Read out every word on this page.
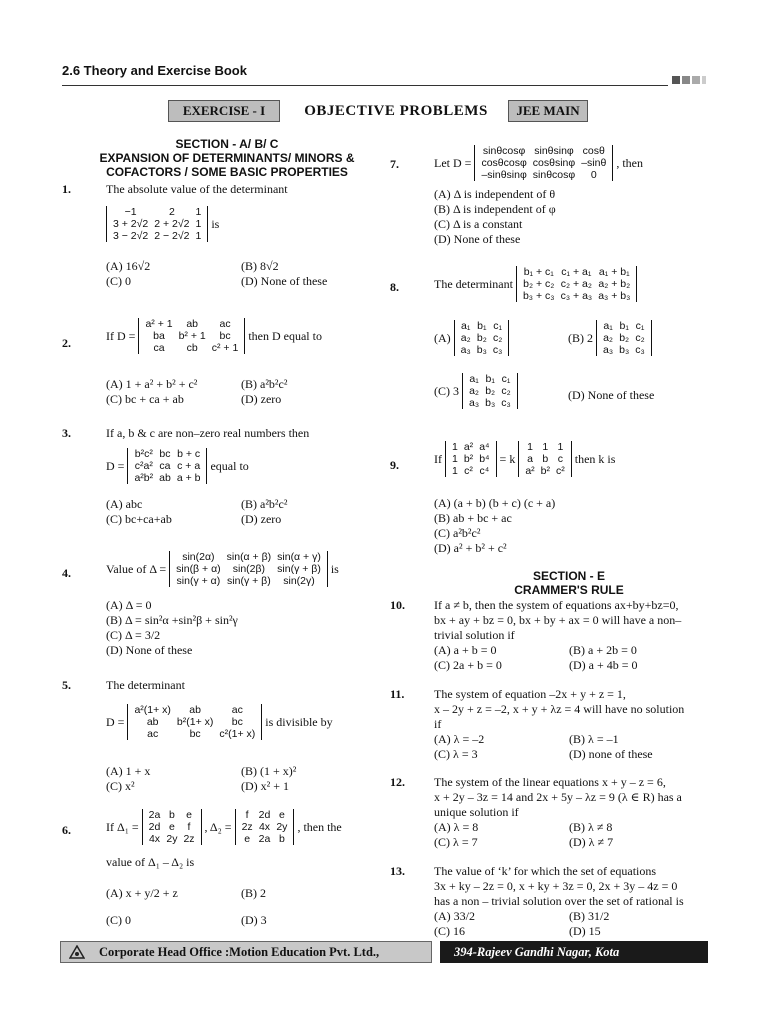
2.6 Theory and Exercise Book
EXERCISE - I	OBJECTIVE PROBLEMS	JEE MAIN
SECTION - A/ B/ C
EXPANSION OF DETERMINANTS/ MINORS &
COFACTORS / SOME BASIC PROPERTIES
1.	The absolute value of the determinant
−1	2	1
3 + 2√2	2 + 2√2	1
3 − 2√2	2 − 2√2	1
is
(A) 16√2	(B) 8√2
(C) 0	(D) None of these
2.
If D =
a² + 1	ab	ac
ba	b² + 1	bc
ca	cb	c² + 1
then D equal to
(A) 1 + a² + b² + c²	(B) a²b²c²
(C) bc + ca + ab	(D) zero
3.	If a, b & c are non–zero real numbers then
D =
b²c²	bc	b + c
c²a²	ca	c + a
a²b²	ab	a + b
equal to
(A) abc	(B) a²b²c²
(C) bc+ca+ab	(D) zero
4.	Value of Δ =
sin(2α)	sin(α + β)	sin(α + γ)
sin(β + α)	sin(2β)	sin(γ + β)
sin(γ + α)	sin(γ + β)	sin(2γ)
is
(A) Δ = 0
(B) Δ = sin²α +sin²β + sin²γ
(C) Δ = 3/2
(D) None of these
5.	The determinant
D =
a²(1+ x)	ab	ac
ab	b²(1+ x)	bc
ac	bc	c²(1+ x)
is divisible by
(A) 1 + x	(B) (1 + x)²
(C) x²	(D) x² + 1
6.	If Δ₁ =
2a	b	e
2d	e	f
4x	2y	2z
, Δ₂ =
f	2d	e
2z	4x	2y
e	2a	b
, then the
value of Δ₁ – Δ₂ is
(A) x + y/2 + z	(B) 2
(C) 0	(D) 3
7.	Let D =
sinθcosφ	sinθsinφ	cosθ
cosθcosφ	cosθsinφ	–sinθ
–sinθsinφ	sinθcosφ	0
, then
(A) Δ is independent of θ
(B) Δ is independent of φ
(C) Δ is a constant
(D) None of these
8.	The determinant
b₁ + c₁	c₁ + a₁	a₁ + b₁
b₂ + c₂	c₂ + a₂	a₂ + b₂
b₃ + c₃	c₃ + a₃	a₃ + b₃
(A)
a₁	b₁	c₁
a₂	b₂	c₂
a₃	b₃	c₃
(B) 2
a₁	b₁	c₁
a₂	b₂	c₂
a₃	b₃	c₃
(C) 3
a₁	b₁	c₁
a₂	b₂	c₂
a₃	b₃	c₃
(D) None of these
9.	If
1	a²	a⁴
1	b²	b⁴
1	c²	c⁴
= k
1	1	1
a	b	c
a²	b²	c²
then k is
(A) (a + b) (b + c) (c + a)
(B) ab + bc + ac
(C) a²b²c²
(D) a² + b² + c²
SECTION - E
CRAMMER'S RULE
10. If a ≠ b, then the system of equations ax+by+bz=0,
bx + ay + bz = 0, bx + by + ax = 0 will have a non–
trivial solution if
(A) a + b = 0	(B) a + 2b = 0
(C) 2a + b = 0	(D) a + 4b = 0
11. The system of equation –2x + y + z = 1,
x – 2y + z = –2, x + y + λz = 4 will have no solution
if
(A) λ = –2	(B) λ = –1
(C) λ = 3	(D) none of these
12. The system of the linear equations x + y – z = 6,
x + 2y – 3z = 14 and 2x + 5y – λz = 9 (λ ∈ R) has a
unique solution if
(A) λ = 8	(B) λ ≠ 8
(C) λ = 7	(D) λ ≠ 7
13. The value of ‘k’ for which the set of equations
3x + ky – 2z = 0, x + ky + 3z = 0, 2x + 3y – 4z = 0
has a non – trivial solution over the set of rational is
(A) 33/2	(B) 31/2
(C) 16	(D) 15
Corporate Head Office :Motion Education Pvt. Ltd.,	394-Rajeev Gandhi Nagar, Kota
